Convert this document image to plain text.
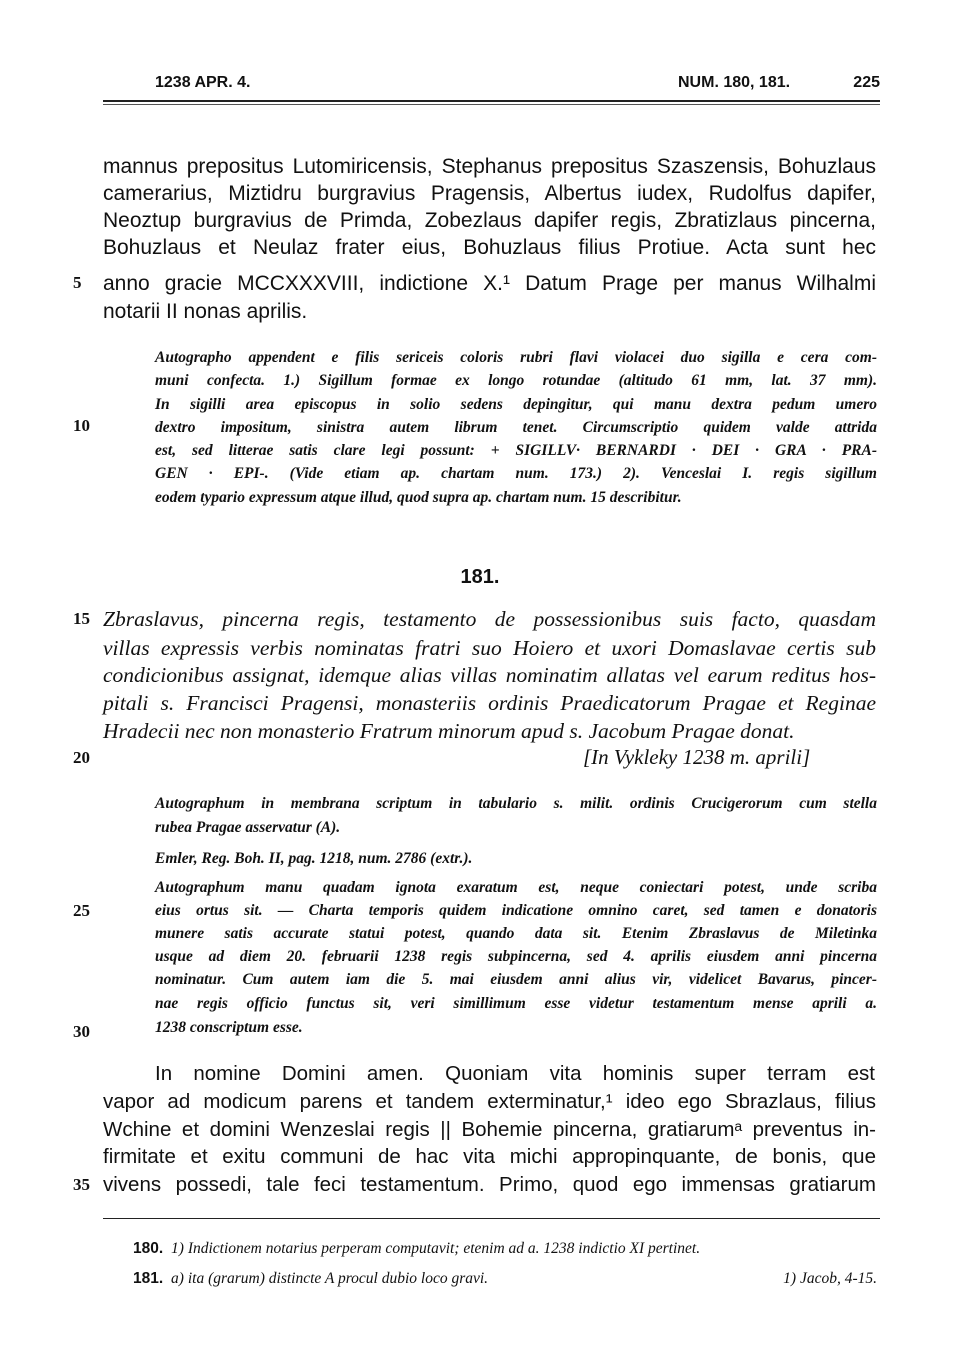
1238 APR. 4.	NUM. 180, 181.	225
5
10
15
20
25
30
35
mannus prepositus Lutomiricensis, Stephanus prepositus Szaszensis, Bohuzlaus
camerarius, Miztidru burgravius Pragensis, Albertus iudex, Rudolfus dapifer,
Neoztup burgravius de Primda, Zobezlaus dapifer regis, Zbratizlaus pincerna,
Bohuzlaus et Neulaz frater eius, Bohuzlaus filius Protiue. Acta sunt hec
anno gracie MCCXXXVIII, indictione X.¹ Datum Prage per manus Wilhalmi
notarii II nonas aprilis.
Autographo appendent e filis sericeis coloris rubri flavi violacei duo sigilla e cera com-
muni confecta. 1.) Sigillum formae ex longo rotundae (altitudo 61 mm, lat. 37 mm).
In sigilli area episcopus in solio sedens depingitur, qui manu dextra pedum umero
dextro impositum, sinistra autem librum tenet. Circumscriptio quidem valde attrida
est, sed litterae satis clare legi possunt: + SIGILLV· BERNARDI · DEI · GRA · PRA-
GEN · EPI-. (Vide etiam ap. chartam num. 173.) 2). Venceslai I. regis sigillum
eodem typario expressum atque illud, quod supra ap. chartam num. 15 describitur.
181.
Zbraslavus, pincerna regis, testamento de possessionibus suis facto, quasdam
villas expressis verbis nominatas fratri suo Hoiero et uxori Domaslavae certis sub
condicionibus assignat, idemque alias villas nominatim allatas vel earum reditus hos-
pitali s. Francisci Pragensi, monasteriis ordinis Praedicatorum Pragae et Reginae
Hradecii nec non monasterio Fratrum minorum apud s. Jacobum Pragae donat.
[In Vykleky 1238 m. aprili]
Autographum in membrana scriptum in tabulario s. milit. ordinis Crucigerorum cum stella
rubea Pragae asservatur (A).
Emler, Reg. Boh. II, pag. 1218, num. 2786 (extr.).
Autographum manu quadam ignota exaratum est, neque coniectari potest, unde scriba
eius ortus sit. — Charta temporis quidem indicatione omnino caret, sed tamen e donatoris
munere satis accurate statui potest, quando data sit. Etenim Zbraslavus de Miletinka
usque ad diem 20. februarii 1238 regis subpincerna, sed 4. aprilis eiusdem anni pincerna
nominatur. Cum autem iam die 5. mai eiusdem anni alius vir, videlicet Bavarus, pincer-
nae regis officio functus sit, veri simillimum esse videtur testamentum mense aprili a.
1238 conscriptum esse.
In nomine Domini amen. Quoniam vita hominis super terram est
vapor ad modicum parens et tandem exterminatur,¹ ideo ego Sbrazlaus, filius
Wchine et domini Wenzeslai regis || Bohemie pincerna, gratiarumᵃ preventus in-
firmitate et exitu communi de hac vita michi appropinquante, de bonis, que
vivens possedi, tale feci testamentum. Primo, quod ego immensas gratiarum
180. 1) Indictionem notarius perperam computavit; etenim ad a. 1238 indictio XI pertinet.
181. a) ita (grarum) distincte A procul dubio loco gravi.	1) Jacob, 4-15.
